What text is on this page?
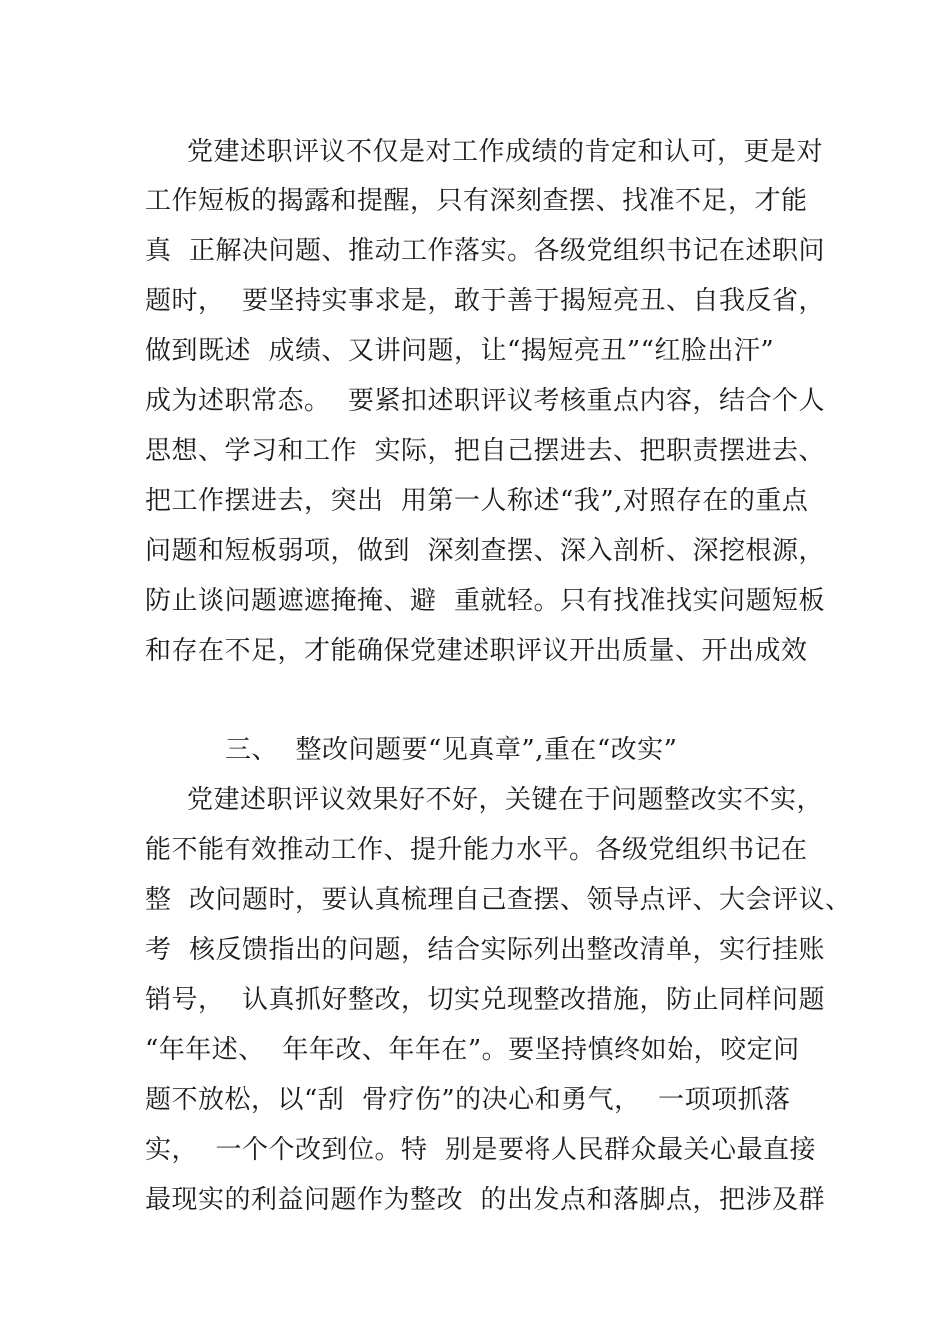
党建述职评议不仅是对工作成绩的肯定和认可，更是对

工作短板的揭露和提醒，只有深刻查摆、找准不足，才能

真  正解决问题、推动工作落实。各级党组织书记在述职问

题时，  要坚持实事求是，敢于善于揭短亮丑、自我反省，

做到既述  成绩、又讲问题，让“揭短亮丑”“红脸出汗”

成为述职常态。  要紧扣述职评议考核重点内容，结合个人

思想、学习和工作  实际，把自己摆进去、把职责摆进去、

把工作摆进去，突出  用第一人称述“我”,对照存在的重点

问题和短板弱项，做到  深刻查摆、深入剖析、深挖根源，

防止谈问题遮遮掩掩、避  重就轻。只有找准找实问题短板

和存在不足，才能确保党建述职评议开出质量、开出成效

三、  整改问题要“见真章”,重在“改实”

党建述职评议效果好不好，关键在于问题整改实不实，

能不能有效推动工作、提升能力水平。各级党组织书记在

整  改问题时，要认真梳理自己查摆、领导点评、大会评议、

考  核反馈指出的问题，结合实际列出整改清单，实行挂账

销号，  认真抓好整改，切实兑现整改措施，防止同样问题

“年年述、  年年改、年年在”。要坚持慎终如始，咬定问

题不放松，以“刮  骨疗伤”的决心和勇气，  一项项抓落

实，  一个个改到位。特  别是要将人民群众最关心最直接

最现实的利益问题作为整改  的出发点和落脚点，把涉及群
